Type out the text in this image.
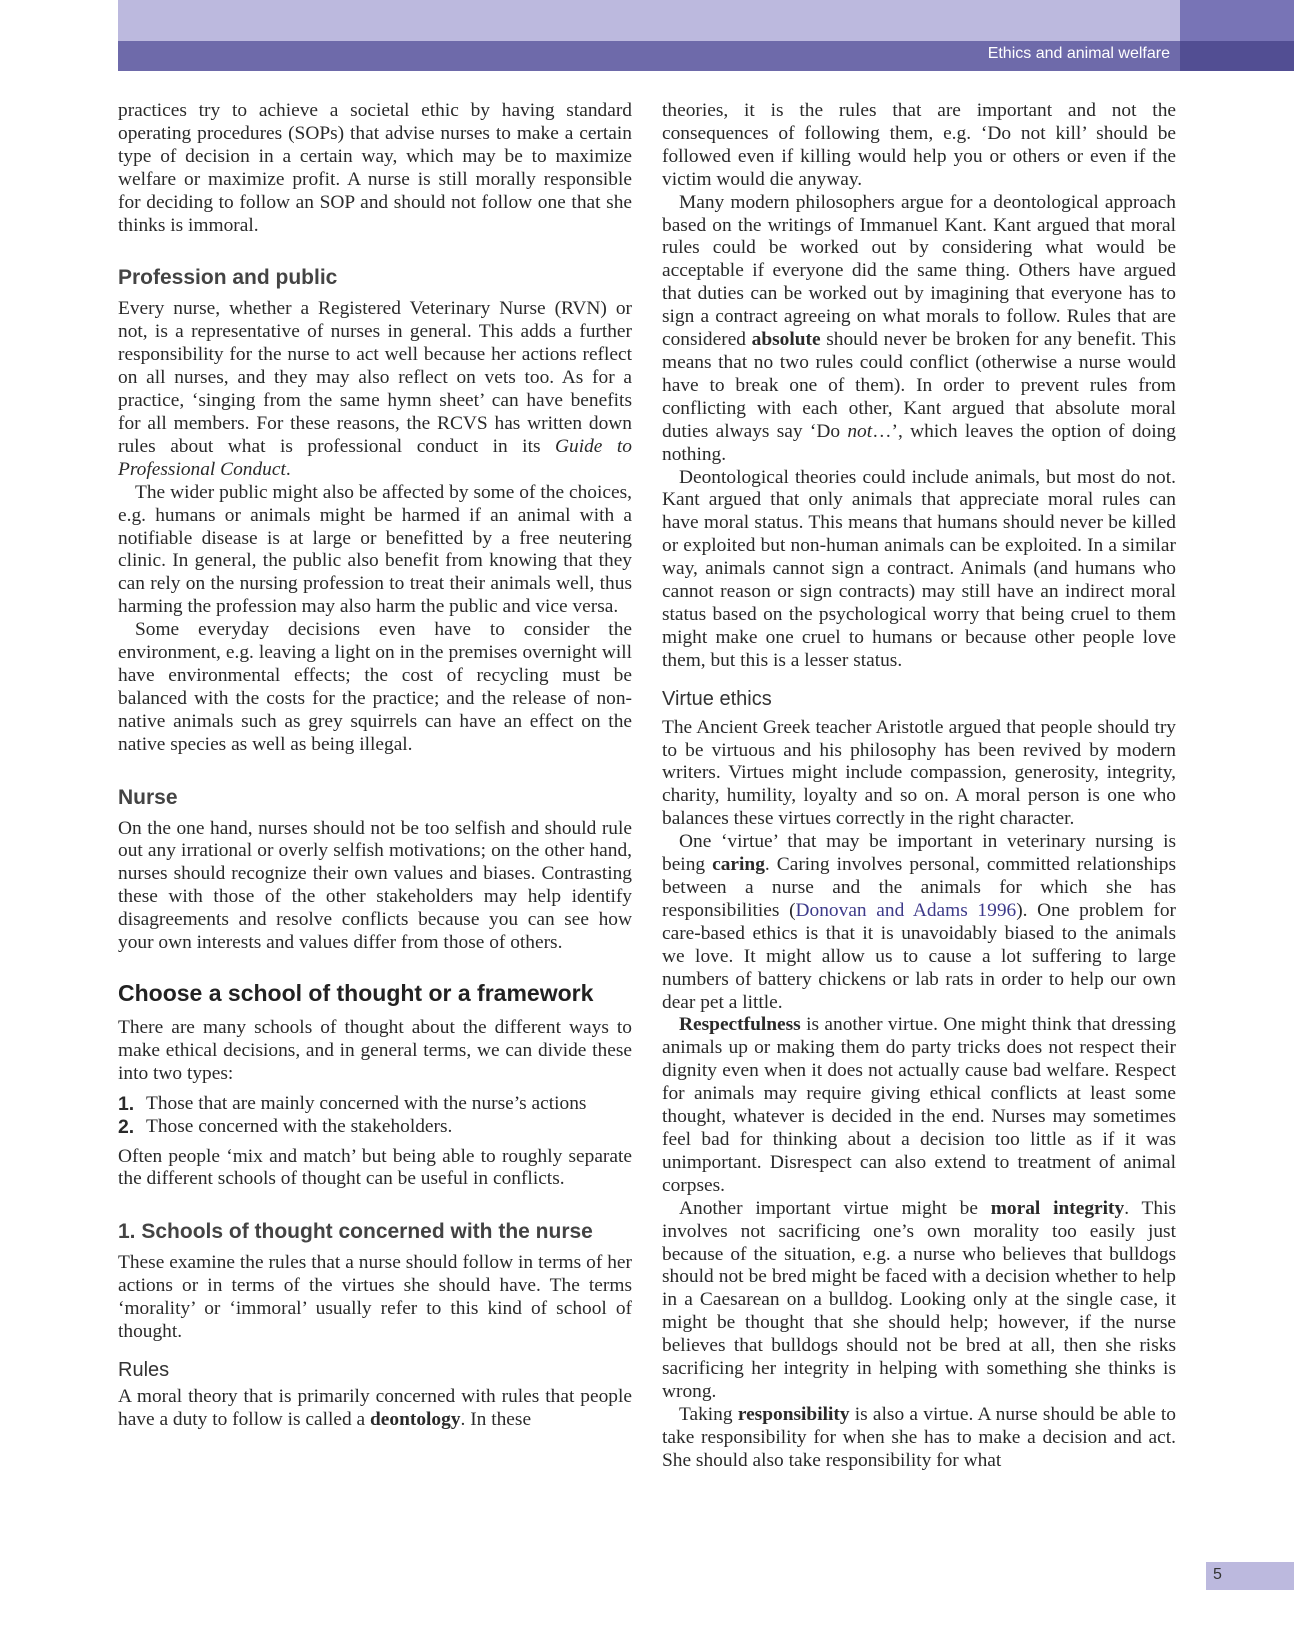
Ethics and animal welfare

practices try to achieve a societal ethic by having standard operating procedures (SOPs) that advise nurses to make a certain type of decision in a certain way, which may be to maximize welfare or maximize profit. A nurse is still morally responsible for deciding to follow an SOP and should not follow one that she thinks is immoral.

Profession and public

Every nurse, whether a Registered Veterinary Nurse (RVN) or not, is a representative of nurses in general. This adds a further responsibility for the nurse to act well because her actions reflect on all nurses, and they may also reflect on vets too. As for a practice, ‘singing from the same hymn sheet’ can have benefits for all members. For these reasons, the RCVS has written down rules about what is professional conduct in its Guide to Professional Conduct.

The wider public might also be affected by some of the choices, e.g. humans or animals might be harmed if an animal with a notifiable disease is at large or benefitted by a free neutering clinic. In general, the public also benefit from knowing that they can rely on the nursing profession to treat their animals well, thus harming the profession may also harm the public and vice versa.

Some everyday decisions even have to consider the environment, e.g. leaving a light on in the premises overnight will have environmental effects; the cost of recycling must be balanced with the costs for the practice; and the release of non-native animals such as grey squirrels can have an effect on the native species as well as being illegal.

Nurse

On the one hand, nurses should not be too selfish and should rule out any irrational or overly selfish motivations; on the other hand, nurses should recognize their own values and biases. Contrasting these with those of the other stakeholders may help identify disagreements and resolve conflicts because you can see how your own interests and values differ from those of others.

Choose a school of thought or a framework

There are many schools of thought about the different ways to make ethical decisions, and in general terms, we can divide these into two types:

1. Those that are mainly concerned with the nurse’s actions
2. Those concerned with the stakeholders.

Often people ‘mix and match’ but being able to roughly separate the different schools of thought can be useful in conflicts.

1. Schools of thought concerned with the nurse

These examine the rules that a nurse should follow in terms of her actions or in terms of the virtues she should have. The terms ‘morality’ or ‘immoral’ usually refer to this kind of school of thought.

Rules

A moral theory that is primarily concerned with rules that people have a duty to follow is called a deontology. In these

theories, it is the rules that are important and not the consequences of following them, e.g. ‘Do not kill’ should be followed even if killing would help you or others or even if the victim would die anyway.

Many modern philosophers argue for a deontological approach based on the writings of Immanuel Kant. Kant argued that moral rules could be worked out by considering what would be acceptable if everyone did the same thing. Others have argued that duties can be worked out by imagining that everyone has to sign a contract agreeing on what morals to follow. Rules that are considered absolute should never be broken for any benefit. This means that no two rules could conflict (otherwise a nurse would have to break one of them). In order to prevent rules from conflicting with each other, Kant argued that absolute moral duties always say ‘Do not…’, which leaves the option of doing nothing.

Deontological theories could include animals, but most do not. Kant argued that only animals that appreciate moral rules can have moral status. This means that humans should never be killed or exploited but non-human animals can be exploited. In a similar way, animals cannot sign a contract. Animals (and humans who cannot reason or sign contracts) may still have an indirect moral status based on the psychological worry that being cruel to them might make one cruel to humans or because other people love them, but this is a lesser status.

Virtue ethics

The Ancient Greek teacher Aristotle argued that people should try to be virtuous and his philosophy has been revived by modern writers. Virtues might include compassion, generosity, integrity, charity, humility, loyalty and so on. A moral person is one who balances these virtues correctly in the right character.

One ‘virtue’ that may be important in veterinary nursing is being caring. Caring involves personal, committed relationships between a nurse and the animals for which she has responsibilities (Donovan and Adams 1996). One problem for care-based ethics is that it is unavoidably biased to the animals we love. It might allow us to cause a lot suffering to large numbers of battery chickens or lab rats in order to help our own dear pet a little.

Respectfulness is another virtue. One might think that dressing animals up or making them do party tricks does not respect their dignity even when it does not actually cause bad welfare. Respect for animals may require giving ethical conflicts at least some thought, whatever is decided in the end. Nurses may sometimes feel bad for thinking about a decision too little as if it was unimportant. Disrespect can also extend to treatment of animal corpses.

Another important virtue might be moral integrity. This involves not sacrificing one’s own morality too easily just because of the situation, e.g. a nurse who believes that bulldogs should not be bred might be faced with a decision whether to help in a Caesarean on a bulldog. Looking only at the single case, it might be thought that she should help; however, if the nurse believes that bulldogs should not be bred at all, then she risks sacrificing her integrity in helping with something she thinks is wrong.

Taking responsibility is also a virtue. A nurse should be able to take responsibility for when she has to make a decision and act. She should also take responsibility for what

5
